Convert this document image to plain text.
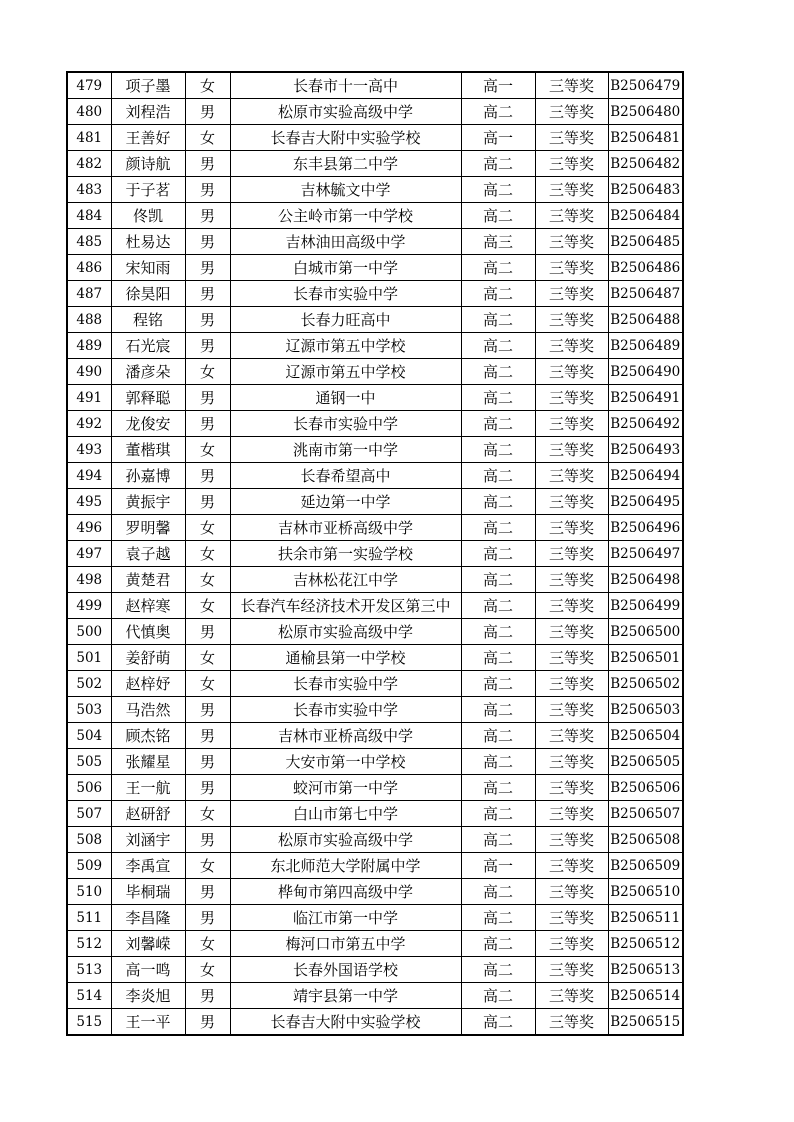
479	项子墨	女	长春市十一高中	高一	三等奖	B2506479
480	刘程浩	男	松原市实验高级中学	高二	三等奖	B2506480
481	王善好	女	长春吉大附中实验学校	高一	三等奖	B2506481
482	颜诗航	男	东丰县第二中学	高二	三等奖	B2506482
483	于子茗	男	吉林毓文中学	高二	三等奖	B2506483
484	佟凯	男	公主岭市第一中学校	高二	三等奖	B2506484
485	杜易达	男	吉林油田高级中学	高三	三等奖	B2506485
486	宋知雨	男	白城市第一中学	高二	三等奖	B2506486
487	徐昊阳	男	长春市实验中学	高二	三等奖	B2506487
488	程铭	男	长春力旺高中	高二	三等奖	B2506488
489	石光宸	男	辽源市第五中学校	高二	三等奖	B2506489
490	潘彦朵	女	辽源市第五中学校	高二	三等奖	B2506490
491	郭释聪	男	通钢一中	高二	三等奖	B2506491
492	龙俊安	男	长春市实验中学	高二	三等奖	B2506492
493	董楷琪	女	洮南市第一中学	高二	三等奖	B2506493
494	孙嘉博	男	长春希望高中	高二	三等奖	B2506494
495	黄振宇	男	延边第一中学	高二	三等奖	B2506495
496	罗明馨	女	吉林市亚桥高级中学	高二	三等奖	B2506496
497	袁子越	女	扶余市第一实验学校	高二	三等奖	B2506497
498	黄楚君	女	吉林松花江中学	高二	三等奖	B2506498
499	赵梓寒	女	长春汽车经济技术开发区第三中	高二	三等奖	B2506499
500	代慎奥	男	松原市实验高级中学	高二	三等奖	B2506500
501	姜舒萌	女	通榆县第一中学校	高二	三等奖	B2506501
502	赵梓妤	女	长春市实验中学	高二	三等奖	B2506502
503	马浩然	男	长春市实验中学	高二	三等奖	B2506503
504	顾杰铭	男	吉林市亚桥高级中学	高二	三等奖	B2506504
505	张耀星	男	大安市第一中学校	高二	三等奖	B2506505
506	王一航	男	蛟河市第一中学	高二	三等奖	B2506506
507	赵研舒	女	白山市第七中学	高二	三等奖	B2506507
508	刘涵宇	男	松原市实验高级中学	高二	三等奖	B2506508
509	李禹宣	女	东北师范大学附属中学	高一	三等奖	B2506509
510	毕桐瑞	男	桦甸市第四高级中学	高二	三等奖	B2506510
511	李昌隆	男	临江市第一中学	高二	三等奖	B2506511
512	刘馨嵘	女	梅河口市第五中学	高二	三等奖	B2506512
513	高一鸣	女	长春外国语学校	高二	三等奖	B2506513
514	李炎旭	男	靖宇县第一中学	高二	三等奖	B2506514
515	王一平	男	长春吉大附中实验学校	高二	三等奖	B2506515
